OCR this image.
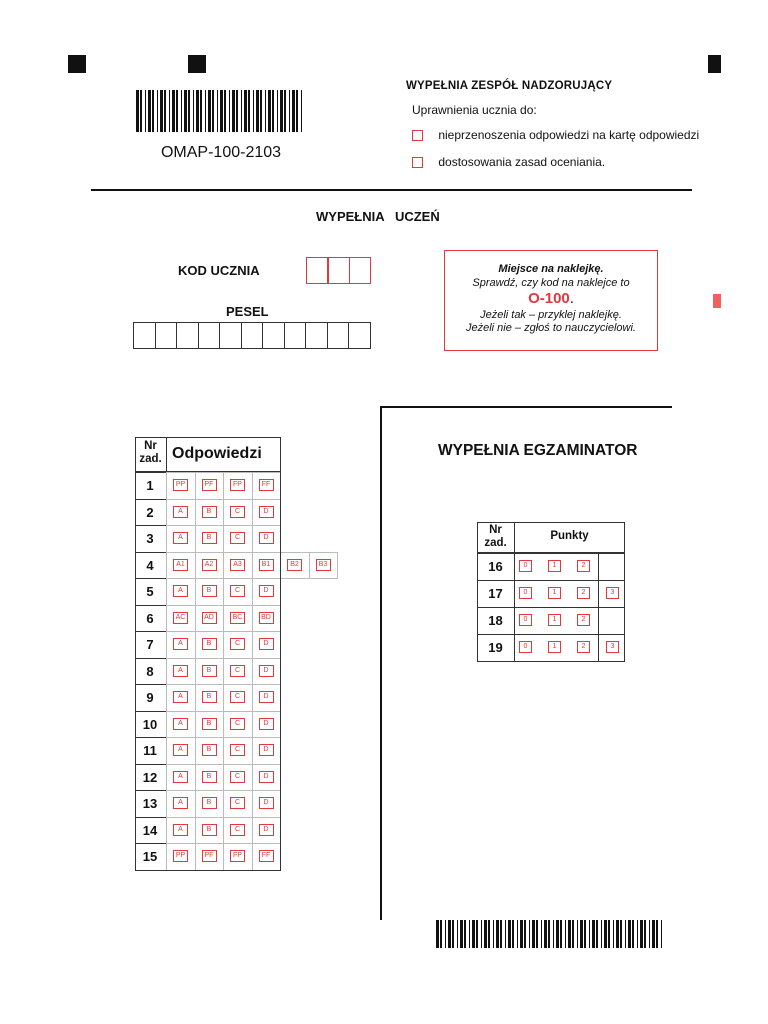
OMAP-100-2103
WYPEŁNIA ZESPÓŁ NADZORUJĄCY
Uprawnienia ucznia do:
nieprzenoszenia odpowiedzi na kartę odpowiedzi
dostosowania zasad oceniania.
WYPEŁNIA   UCZEŃ
KOD UCZNIA
PESEL
Miejsce na naklejkę.
Sprawdź, czy kod na naklejce to
O-100.
Jeżeli tak – przyklej naklejkę.
Jeżeli nie – zgłoś to nauczycielowi.
WYPEŁNIA EGZAMINATOR
Nr
zad. Odpowiedzi
1	PP	PF	FP	FF
2	A	B	C	D
3	A	B	C	D
4	A1	A2	A3	B1	B2	B3
5	A	B	C	D
6	AC	AD	BC	BD
7	A	B	C	D
8	A	B	C	D
9	A	B	C	D
10	A	B	C	D
11	A	B	C	D
12	A	B	C	D
13	A	B	C	D
14	A	B	C	D
15	PP	PF	FP	FF
Nr
zad.
Punkty
16	0	1	2
17	0	1	2	3
18	0	1	2
19	0	1	2	3
